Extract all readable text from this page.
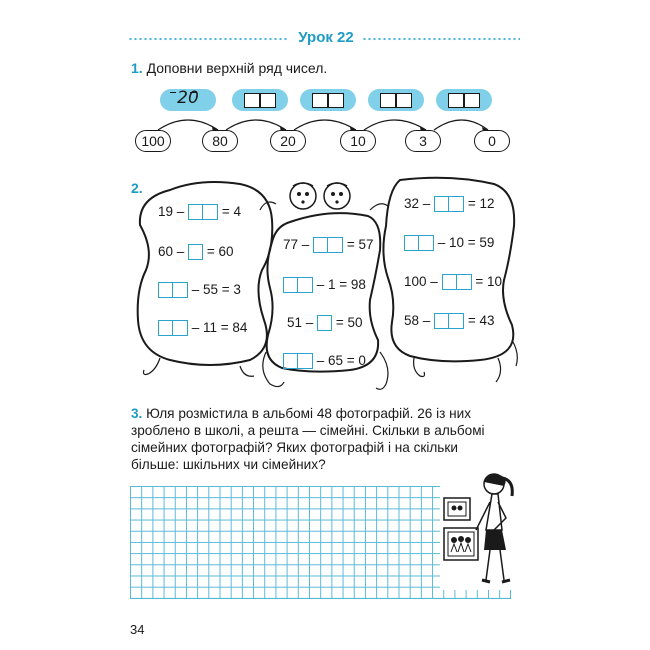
Урок 22
1. Доповни верхній ряд чисел.
20
100	80	20	10	3	0
2.
19 –	= 4
60 – = 60
– 55 = 3
– 11 = 84
77 –	= 57
– 1 = 98
51 – = 50
– 65 = 0
32 –	= 12
– 10 = 59
100 –	= 10
58 –	= 43
3. Юля розмістила в альбомі 48 фотографій. 26 із них
зроблено в школі, а решта — сімейні. Скільки в альбомі
сімейних фотографій? Яких фотографій і на скільки
більше: шкільних чи сімейних?
34
